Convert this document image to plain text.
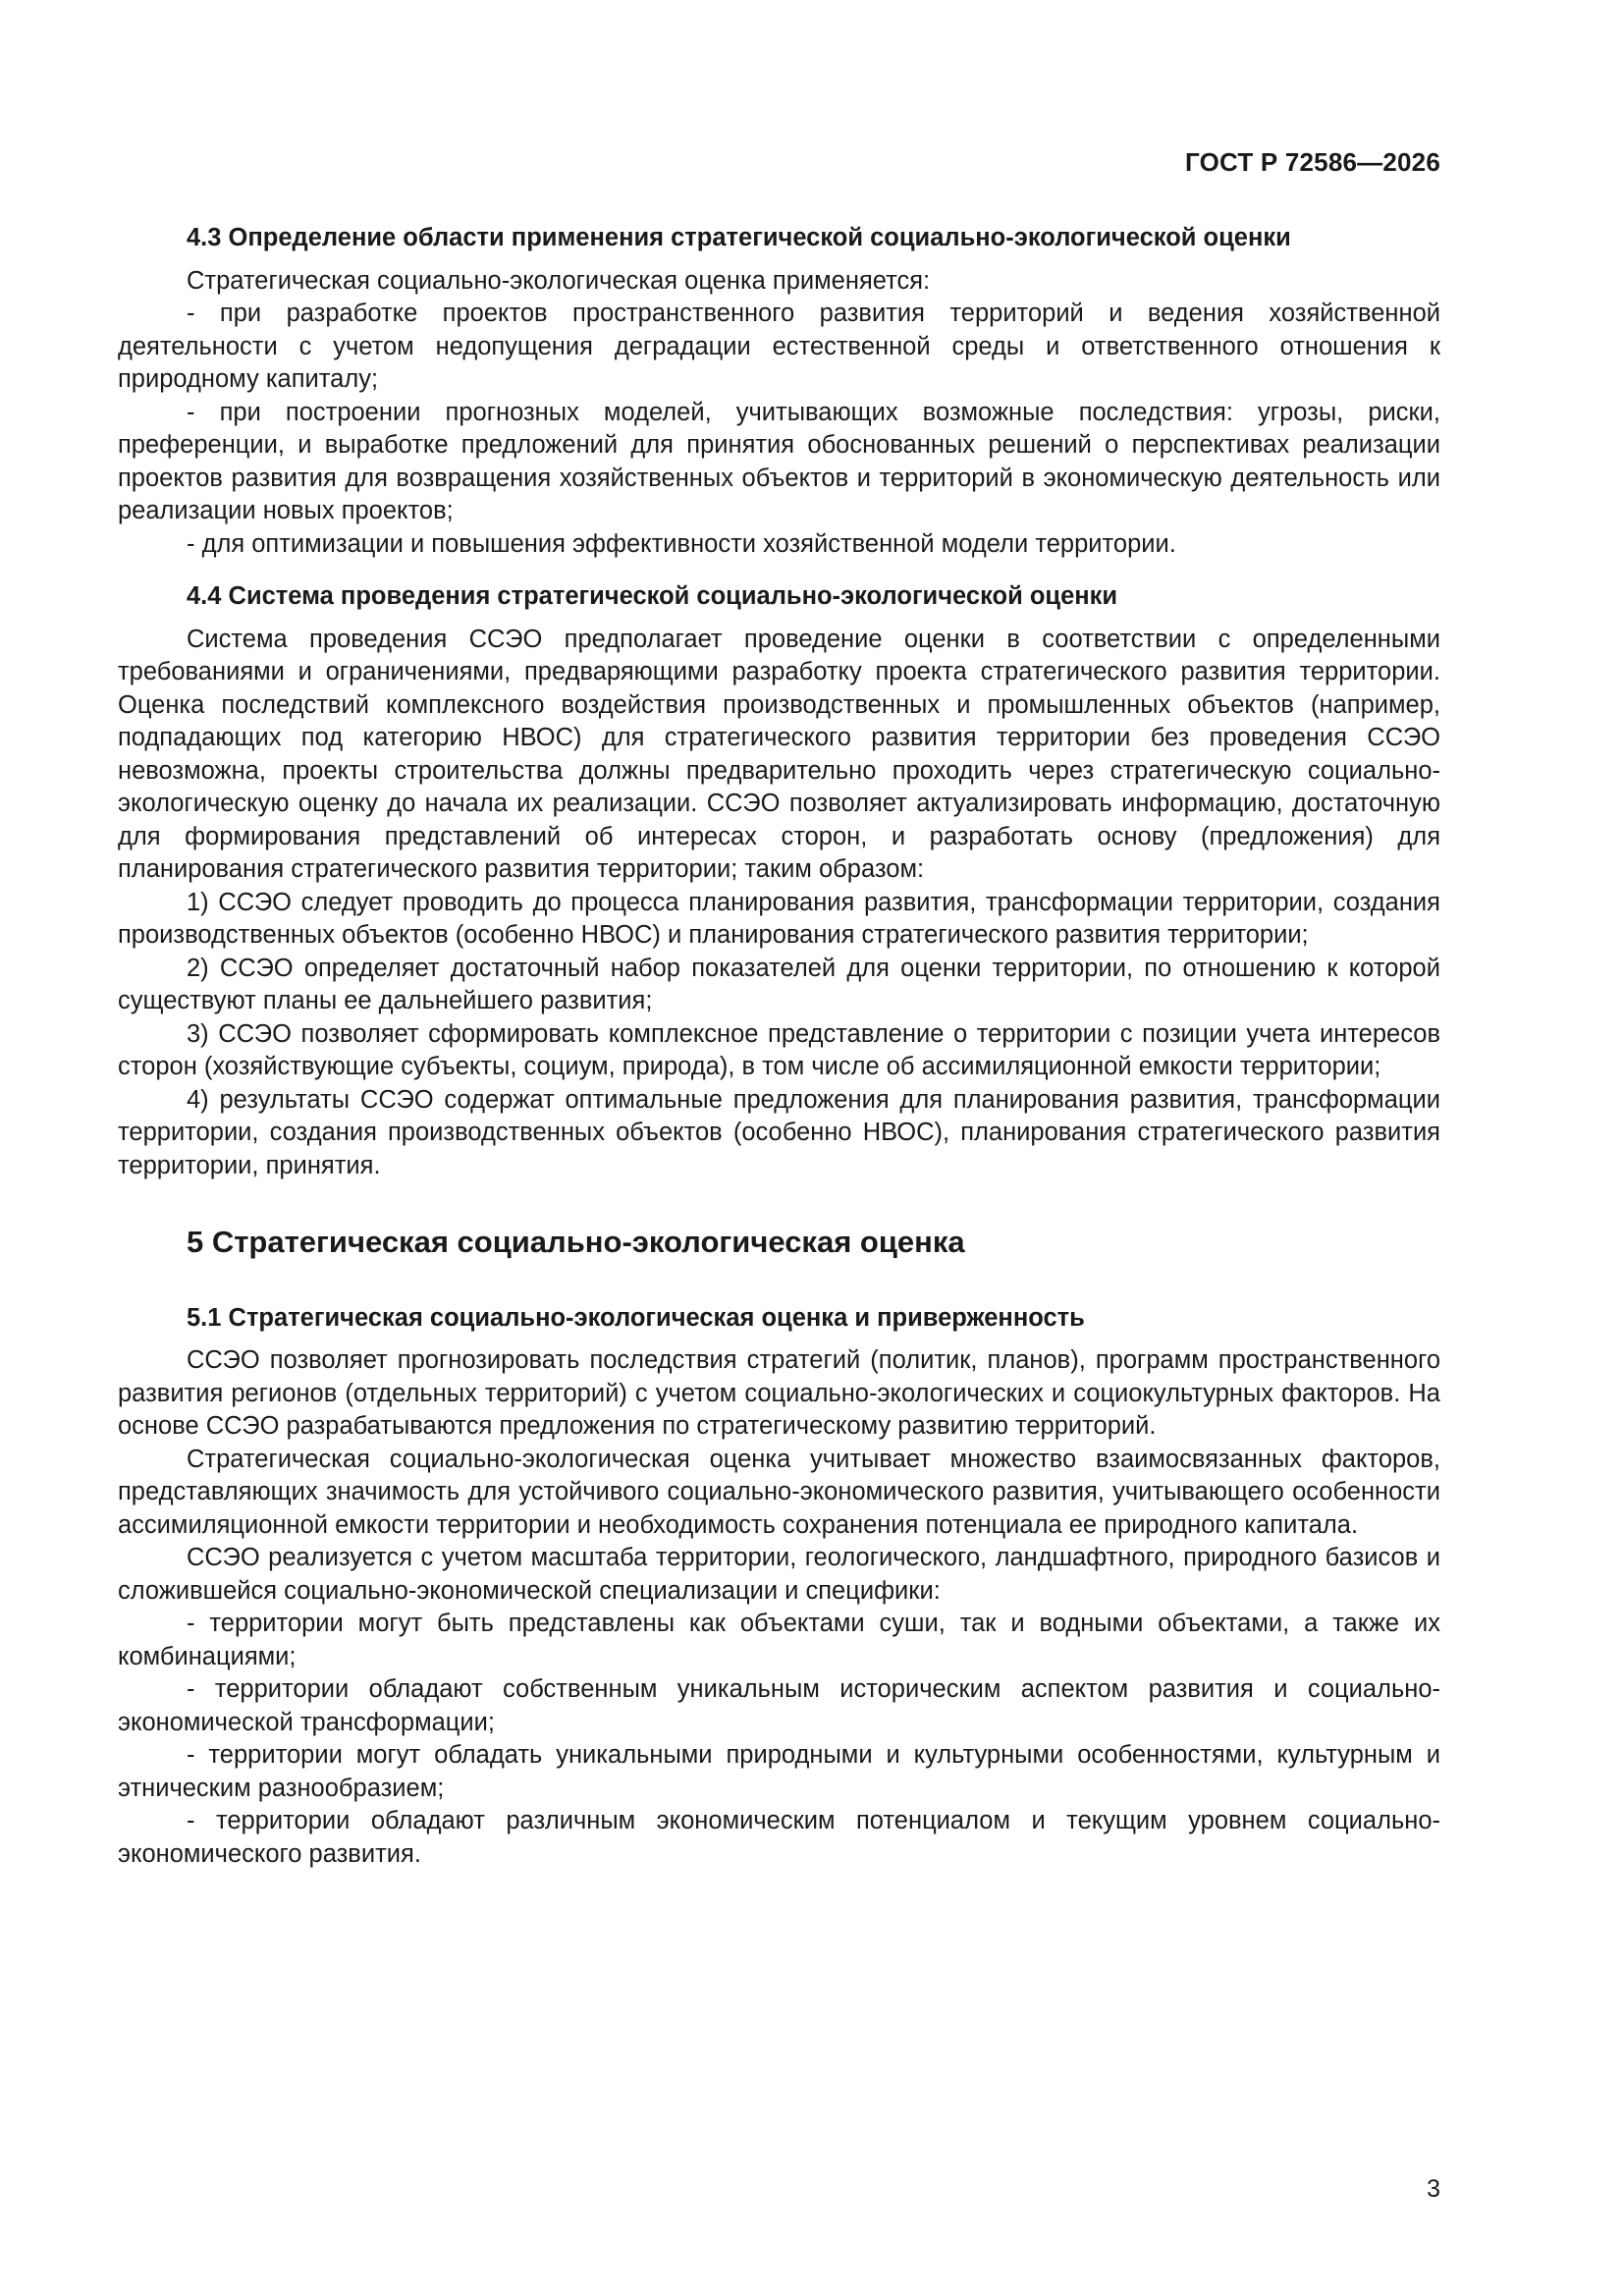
ГОСТ Р 72586—2026
4.3 Определение области применения стратегической социально-экологической оценки

Стратегическая социально-экологическая оценка применяется:

- при разработке проектов пространственного развития территорий и ведения хозяйственной деятельности с учетом недопущения деградации естественной среды и ответственного отношения к природному капиталу;

- при построении прогнозных моделей, учитывающих возможные последствия: угрозы, риски, преференции, и выработке предложений для принятия обоснованных решений о перспективах реализации проектов развития для возвращения хозяйственных объектов и территорий в экономическую деятельность или реализации новых проектов;

- для оптимизации и повышения эффективности хозяйственной модели территории.

4.4 Система проведения стратегической социально-экологической оценки

Система проведения ССЭО предполагает проведение оценки в соответствии с определенными требованиями и ограничениями, предваряющими разработку проекта стратегического развития территории. Оценка последствий комплексного воздействия производственных и промышленных объектов (например, подпадающих под категорию НВОС) для стратегического развития территории без проведения ССЭО невозможна, проекты строительства должны предварительно проходить через стратегическую социально-экологическую оценку до начала их реализации. ССЭО позволяет актуализировать информацию, достаточную для формирования представлений об интересах сторон, и разработать основу (предложения) для планирования стратегического развития территории; таким образом:

1) ССЭО следует проводить до процесса планирования развития, трансформации территории, создания производственных объектов (особенно НВОС) и планирования стратегического развития территории;

2) ССЭО определяет достаточный набор показателей для оценки территории, по отношению к которой существуют планы ее дальнейшего развития;

3) ССЭО позволяет сформировать комплексное представление о территории с позиции учета интересов сторон (хозяйствующие субъекты, социум, природа), в том числе об ассимиляционной емкости территории;

4) результаты ССЭО содержат оптимальные предложения для планирования развития, трансформации территории, создания производственных объектов (особенно НВОС), планирования стратегического развития территории, принятия.

5 Стратегическая социально-экологическая оценка
5.1 Стратегическая социально-экологическая оценка и приверженность

ССЭО позволяет прогнозировать последствия стратегий (политик, планов), программ пространственного развития регионов (отдельных территорий) с учетом социально-экологических и социокультурных факторов. На основе ССЭО разрабатываются предложения по стратегическому развитию территорий.

Стратегическая социально-экологическая оценка учитывает множество взаимосвязанных факторов, представляющих значимость для устойчивого социально-экономического развития, учитывающего особенности ассимиляционной емкости территории и необходимость сохранения потенциала ее природного капитала.

ССЭО реализуется с учетом масштаба территории, геологического, ландшафтного, природного базисов и сложившейся социально-экономической специализации и специфики:

- территории могут быть представлены как объектами суши, так и водными объектами, а также их комбинациями;

- территории обладают собственным уникальным историческим аспектом развития и социально-экономической трансформации;

- территории могут обладать уникальными природными и культурными особенностями, культурным и этническим разнообразием;

- территории обладают различным экономическим потенциалом и текущим уровнем социально-экономического развития.

3
